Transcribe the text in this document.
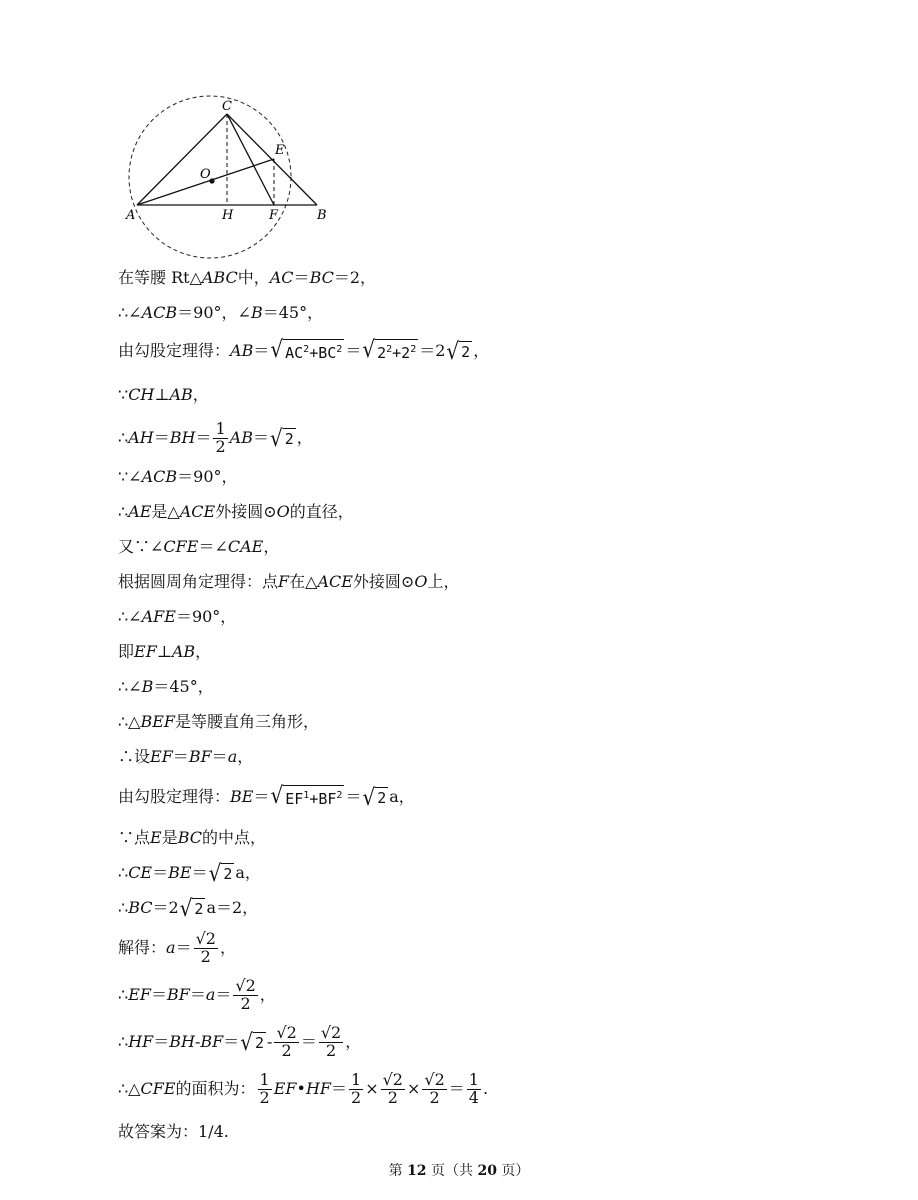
C
E
O
A	H	F	B
在等腰 Rt△ ABC 中， AC ＝ BC ＝2，
∴∠ ACB ＝90°，∠ B ＝45°，
由勾股定理得： AB ＝ √ $AC^2+BC^2$ ＝ √ $2^2+2^2 =2$ √ 2 ，
∵ CH ⊥ AB ，
∴ AH ＝ BH ＝ $\frac{1}{2}$ AB ＝ √ 2 ，
∵∠ ACB ＝90°，
∴ AE 是△ ACE 外接圆⊙ O 的直径，
又∵∠ CFE ＝∠ CAE ，
根据圆周角定理得：点 F 在△ ACE 外接圆⊙ O 上，
∴∠ AFE ＝90°，
即 EF ⊥ AB ，
∴∠ B ＝45°，
∴△ BEF 是等腰直角三角形，
∴设 EF ＝ BF ＝ a ，
由勾股定理得： BE ＝ √ $EF^1+BF^2$ ＝ √ 2 a，
∵点 E 是 BC 的中点，
∴ CE ＝ BE ＝ √ 2 a，
∴ BC ＝2 √ 2 a＝2，
解得： $a = \frac{√2}{2}$ ，
∴ EF ＝ BF ＝ $a = \frac{√2}{2}$ ，
∴ HF ＝ BH - BF ＝ √ $2 - \frac{√2}{2} = \frac{√2}{2}$ ，
∴△ CFE 的面积为： $\frac{1}{2}$ EF • HF ＝ $\frac{1}{2} \times \frac{√2}{2} \times \frac{√2}{2} = \frac{1}{4}$ .
故答案为：1/4.
第 12 页（共 20 页）
